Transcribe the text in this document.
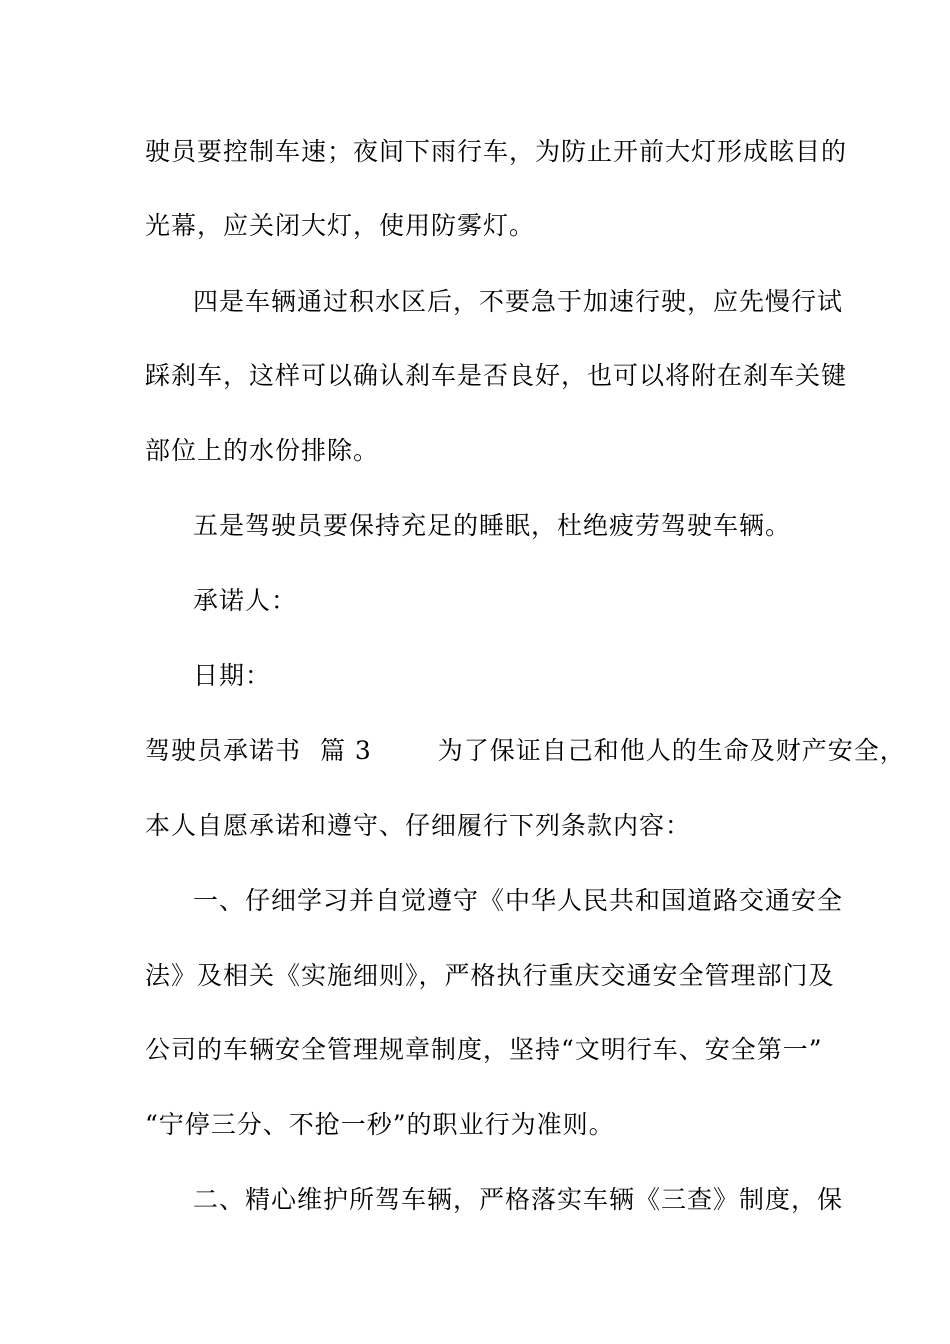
驶员要控制车速；夜间下雨行车，为防止开前大灯形成眩目的
光幕，应关闭大灯，使用防雾灯。
四是车辆通过积水区后，不要急于加速行驶，应先慢行试
踩刹车，这样可以确认刹车是否良好，也可以将附在刹车关键
部位上的水份排除。
五是驾驶员要保持充足的睡眠，杜绝疲劳驾驶车辆。
承诺人：
日期：
驾驶员承诺书 篇 3	为了保证自己和他人的生命及财产安全，
本人自愿承诺和遵守、仔细履行下列条款内容：
一、仔细学习并自觉遵守《中华人民共和国道路交通安全
法》及相关《实施细则》，严格执行重庆交通安全管理部门及
公司的车辆安全管理规章制度，坚持“文明行车、安全第一”
“宁停三分、不抢一秒”的职业行为准则。
二、精心维护所驾车辆，严格落实车辆《三查》制度，保
